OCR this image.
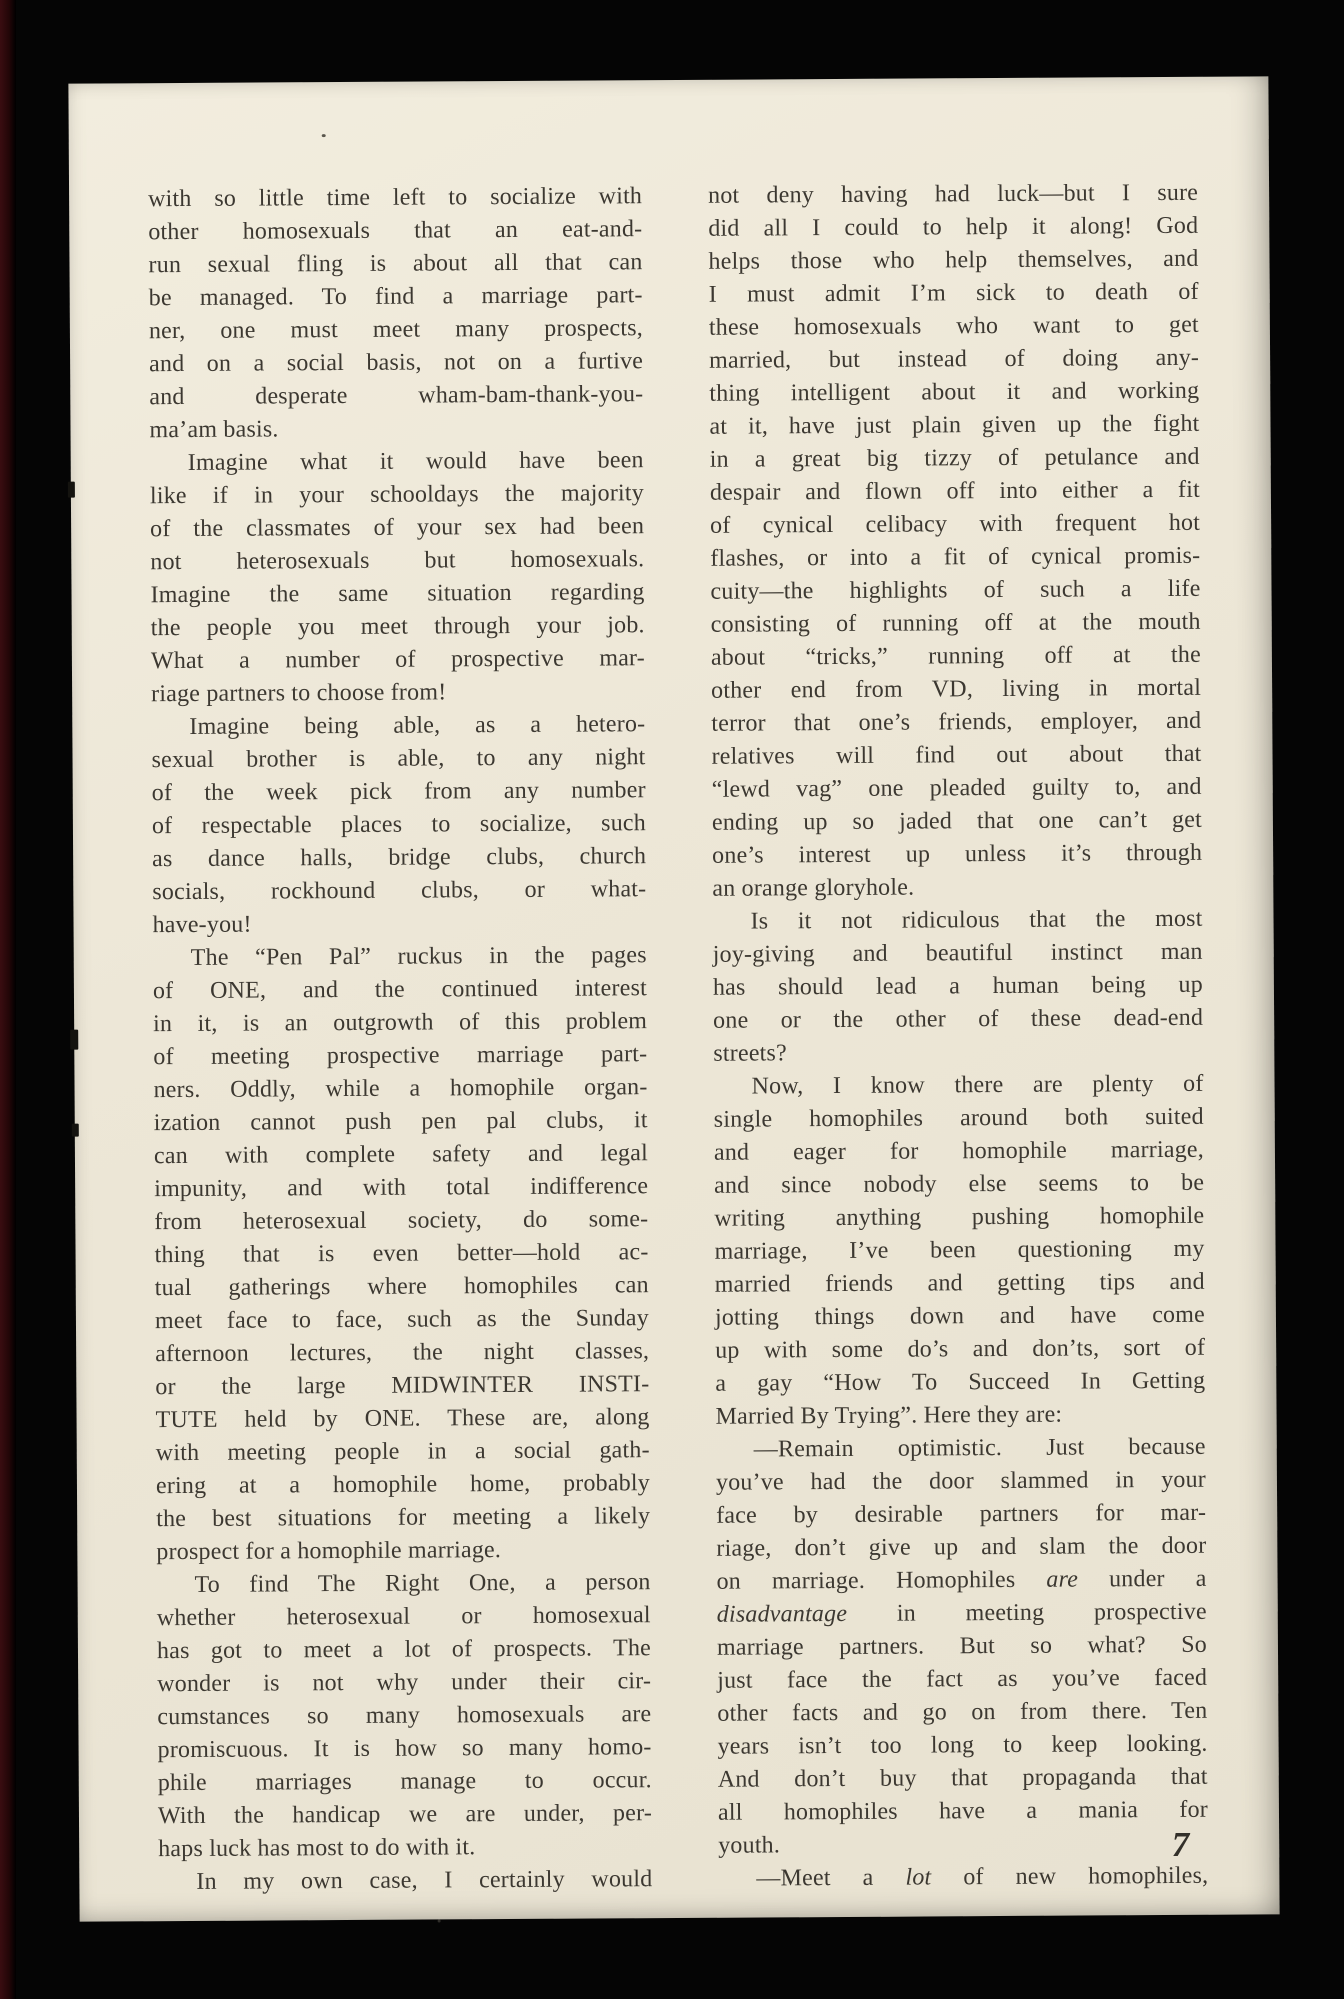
with so little time left to socialize with
other homosexuals that an eat-and-
run sexual fling is about all that can
be managed. To find a marriage part-
ner, one must meet many prospects,
and on a social basis, not on a furtive
and desperate wham-bam-thank-you-
ma’am basis.
Imagine what it would have been
like if in your schooldays the majority
of the classmates of your sex had been
not heterosexuals but homosexuals.
Imagine the same situation regarding
the people you meet through your job.
What a number of prospective mar-
riage partners to choose from!
Imagine being able, as a hetero-
sexual brother is able, to any night
of the week pick from any number
of respectable places to socialize, such
as dance halls, bridge clubs, church
socials, rockhound clubs, or what-
have-you!
The “Pen Pal” ruckus in the pages
of ONE, and the continued interest
in it, is an outgrowth of this problem
of meeting prospective marriage part-
ners. Oddly, while a homophile organ-
ization cannot push pen pal clubs, it
can with complete safety and legal
impunity, and with total indifference
from heterosexual society, do some-
thing that is even better—hold ac-
tual gatherings where homophiles can
meet face to face, such as the Sunday
afternoon lectures, the night classes,
or the large MIDWINTER INSTI-
TUTE held by ONE. These are, along
with meeting people in a social gath-
ering at a homophile home, probably
the best situations for meeting a likely
prospect for a homophile marriage.
To find The Right One, a person
whether heterosexual or homosexual
has got to meet a lot of prospects. The
wonder is not why under their cir-
cumstances so many homosexuals are
promiscuous. It is how so many homo-
phile marriages manage to occur.
With the handicap we are under, per-
haps luck has most to do with it.
In my own case, I certainly would
not deny having had luck—but I sure
did all I could to help it along! God
helps those who help themselves, and
I must admit I’m sick to death of
these homosexuals who want to get
married, but instead of doing any-
thing intelligent about it and working
at it, have just plain given up the fight
in a great big tizzy of petulance and
despair and flown off into either a fit
of cynical celibacy with frequent hot
flashes, or into a fit of cynical promis-
cuity—the highlights of such a life
consisting of running off at the mouth
about “tricks,” running off at the
other end from VD, living in mortal
terror that one’s friends, employer, and
relatives will find out about that
“lewd vag” one pleaded guilty to, and
ending up so jaded that one can’t get
one’s interest up unless it’s through
an orange gloryhole.
Is it not ridiculous that the most
joy-giving and beautiful instinct man
has should lead a human being up
one or the other of these dead-end
streets?
Now, I know there are plenty of
single homophiles around both suited
and eager for homophile marriage,
and since nobody else seems to be
writing anything pushing homophile
marriage, I’ve been questioning my
married friends and getting tips and
jotting things down and have come
up with some do’s and don’ts, sort of
a gay “How To Succeed In Getting
Married By Trying”. Here they are:
—Remain optimistic. Just because
you’ve had the door slammed in your
face by desirable partners for mar-
riage, don’t give up and slam the door
on marriage. Homophiles are under a
disadvantage in meeting prospective
marriage partners. But so what? So
just face the fact as you’ve faced
other facts and go on from there. Ten
years isn’t too long to keep looking.
And don’t buy that propaganda that
all homophiles have a mania for
youth.
—Meet a lot of new homophiles,
7
